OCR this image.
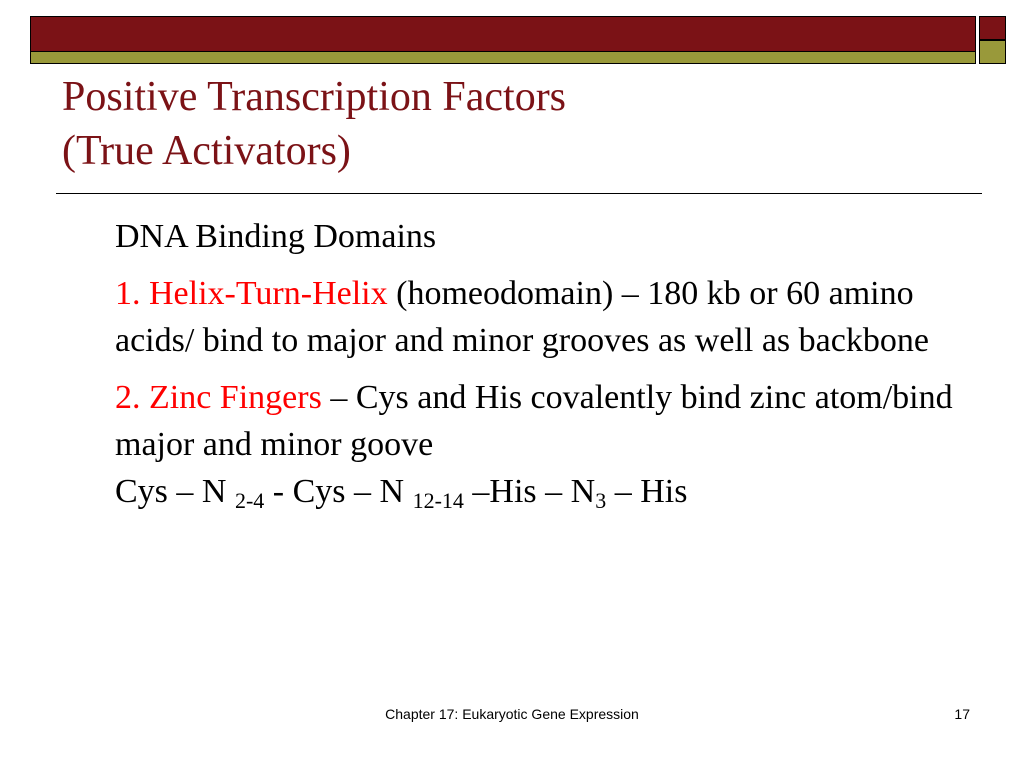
Positive Transcription Factors
(True Activators)

DNA Binding Domains

1. Helix-Turn-Helix (homeodomain) – 180 kb or 60 amino acids/ bind to major and minor grooves as well as backbone

2. Zinc Fingers – Cys and His covalently bind zinc atom/bind major and minor goove
Cys – N $_{2-4}$ - Cys – N $_{12-14}$ $-His - N_3$ – His

Chapter 17: Eukaryotic Gene Expression	17
